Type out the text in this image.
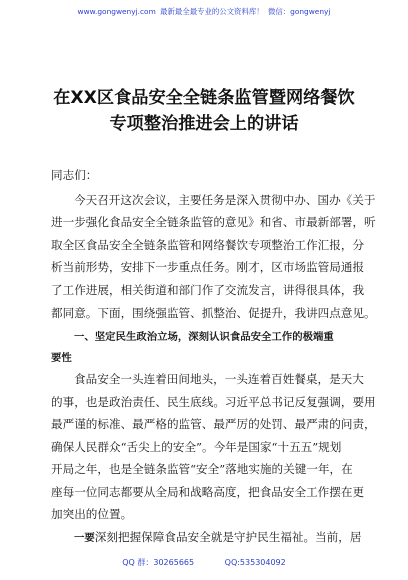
www.gongwenyj.com 最新最全最专业的公文资料库！ 微信：gongwenyj
在XX区食品安全全链条监管暨网络餐饮
专项整治推进会上的讲话
同志们：
今天召开这次会议，主要任务是深入贯彻中办、国办《关于
进一步强化食品安全全链条监管的意见》和省、市最新部署，听
取全区食品安全全链条监管和网络餐饮专项整治工作汇报，分
析当前形势，安排下一步重点任务。刚才，区市场监管局通报
了工作进展，相关街道和部门作了交流发言，讲得很具体，我
都同意。下面，围绕强监管、抓整治、促提升，我讲四点意见。
一、坚定民生政治立场，深刻认识食品安全工作的极端重
要性
食品安全一头连着田间地头，一头连着百姓餐桌，是天大
的事，也是政治责任、民生底线。习近平总书记反复强调，要用
最严谨的标准、最严格的监管、最严厉的处罚、最严肃的问责，
确保人民群众“舌尖上的安全”。今年是国家“十五五”规划
开局之年，也是全链条监管“安全”落地实施的关键一年，在
座每一位同志都要从全局和战略高度，把食品安全工作摆在更
加突出的位置。
一要深刻把握保障食品安全就是守护民生福祉。当前，居
QQ 群：30265665	QQ:535304092
